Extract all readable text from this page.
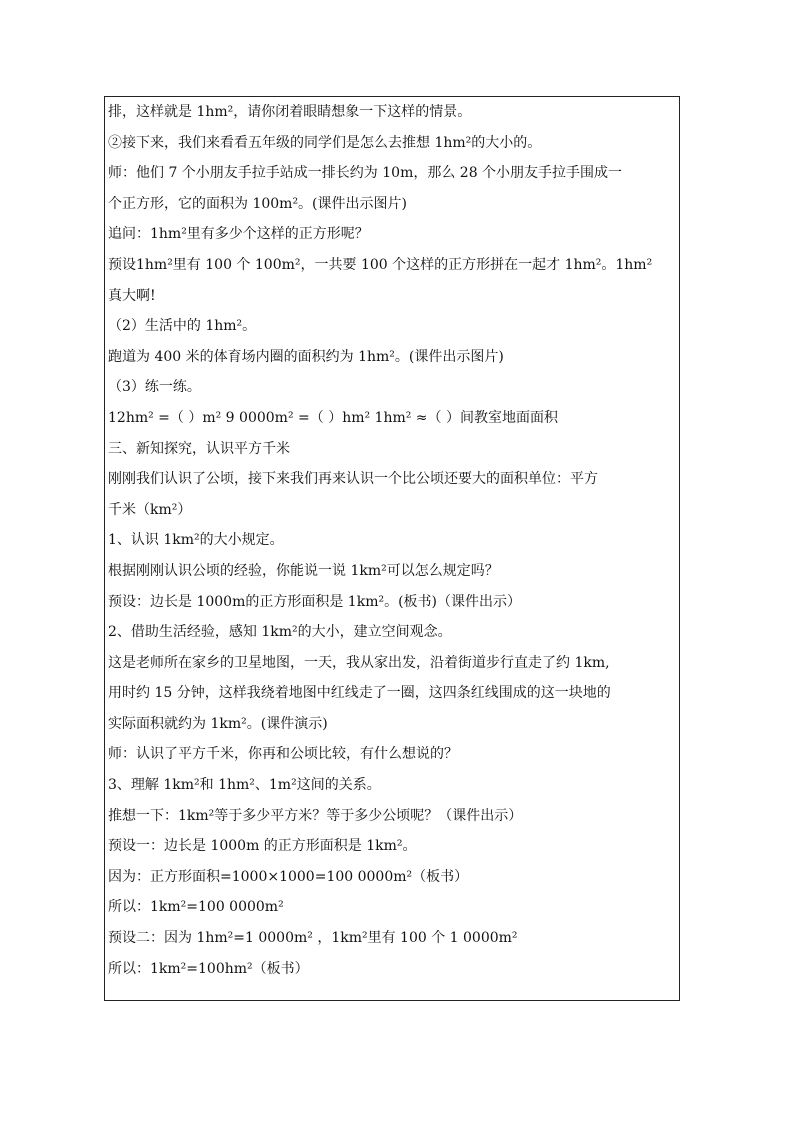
排，这样就是 1hm²，请你闭着眼睛想象一下这样的情景。
②接下来，我们来看看五年级的同学们是怎么去推想 1hm²的大小的。
师：他们 7 个小朋友手拉手站成一排长约为 10m，那么 28 个小朋友手拉手围成一
个正方形，它的面积为 100m²。(课件出示图片)
追问：1hm²里有多少个这样的正方形呢？
预设1hm²里有 100 个 100m²，一共要 100 个这样的正方形拼在一起才 1hm²。1hm²
真大啊!
（2）生活中的 1hm²。
跑道为 400 米的体育场内圈的面积约为 1hm²。(课件出示图片)
（3）练一练。
12hm² =（ ）m² 9 0000m² =（ ）hm² 1hm² ≈（ ）间教室地面面积
三、新知探究，认识平方千米
刚刚我们认识了公顷，接下来我们再来认识一个比公顷还要大的面积单位：平方
千米（km²）
1、认识 1km²的大小规定。
根据刚刚认识公顷的经验，你能说一说 1km²可以怎么规定吗？
预设：边长是 1000m的正方形面积是 1km²。(板书)（课件出示）
2、借助生活经验，感知 1km²的大小，建立空间观念。
这是老师所在家乡的卫星地图，一天，我从家出发，沿着街道步行直走了约 1km,
用时约 15 分钟，这样我绕着地图中红线走了一圈，这四条红线围成的这一块地的
实际面积就约为 1km²。(课件演示)
师：认识了平方千米，你再和公顷比较，有什么想说的？
3、理解 1km²和 1hm²、1m²这间的关系。
推想一下：1km²等于多少平方米？等于多少公顷呢？（课件出示）
预设一：边长是 1000m 的正方形面积是 1km²。
因为：正方形面积=1000×1000=100 0000m²（板书）
所以：1km²=100 0000m²
预设二：因为 1hm²=1 0000m² ，1km²里有 100 个 1 0000m²
所以：1km²=100hm²（板书）
